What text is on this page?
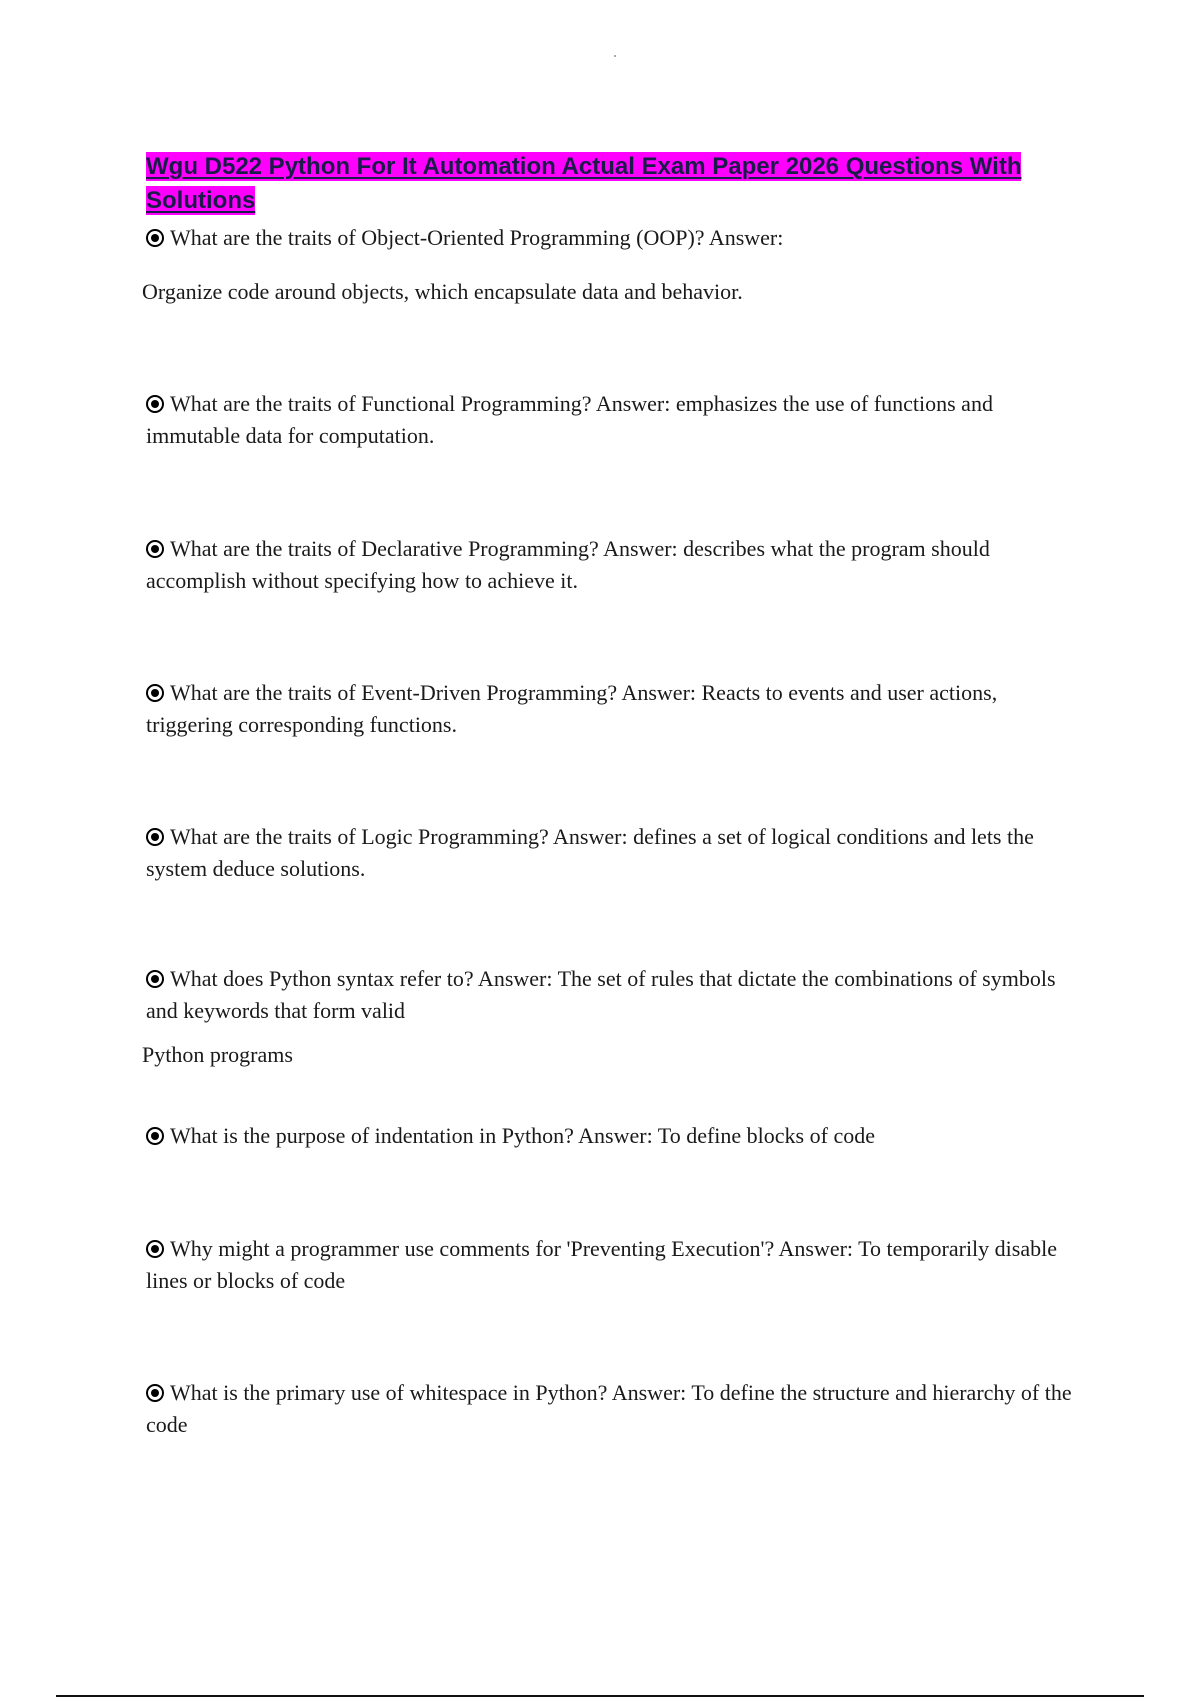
Wgu D522 Python For It Automation Actual Exam Paper 2026 Questions With Solutions
What are the traits of Object-Oriented Programming (OOP)? Answer:
Organize code around objects, which encapsulate data and behavior.
What are the traits of Functional Programming? Answer: emphasizes the use of functions and immutable data for computation.
What are the traits of Declarative Programming? Answer: describes what the program should accomplish without specifying how to achieve it.
What are the traits of Event-Driven Programming? Answer: Reacts to events and user actions, triggering corresponding functions.
What are the traits of Logic Programming? Answer: defines a set of logical conditions and lets the system deduce solutions.
What does Python syntax refer to? Answer: The set of rules that dictate the combinations of symbols and keywords that form valid
Python programs
What is the purpose of indentation in Python? Answer: To define blocks of code
Why might a programmer use comments for 'Preventing Execution'? Answer: To temporarily disable lines or blocks of code
What is the primary use of whitespace in Python? Answer: To define the structure and hierarchy of the code
